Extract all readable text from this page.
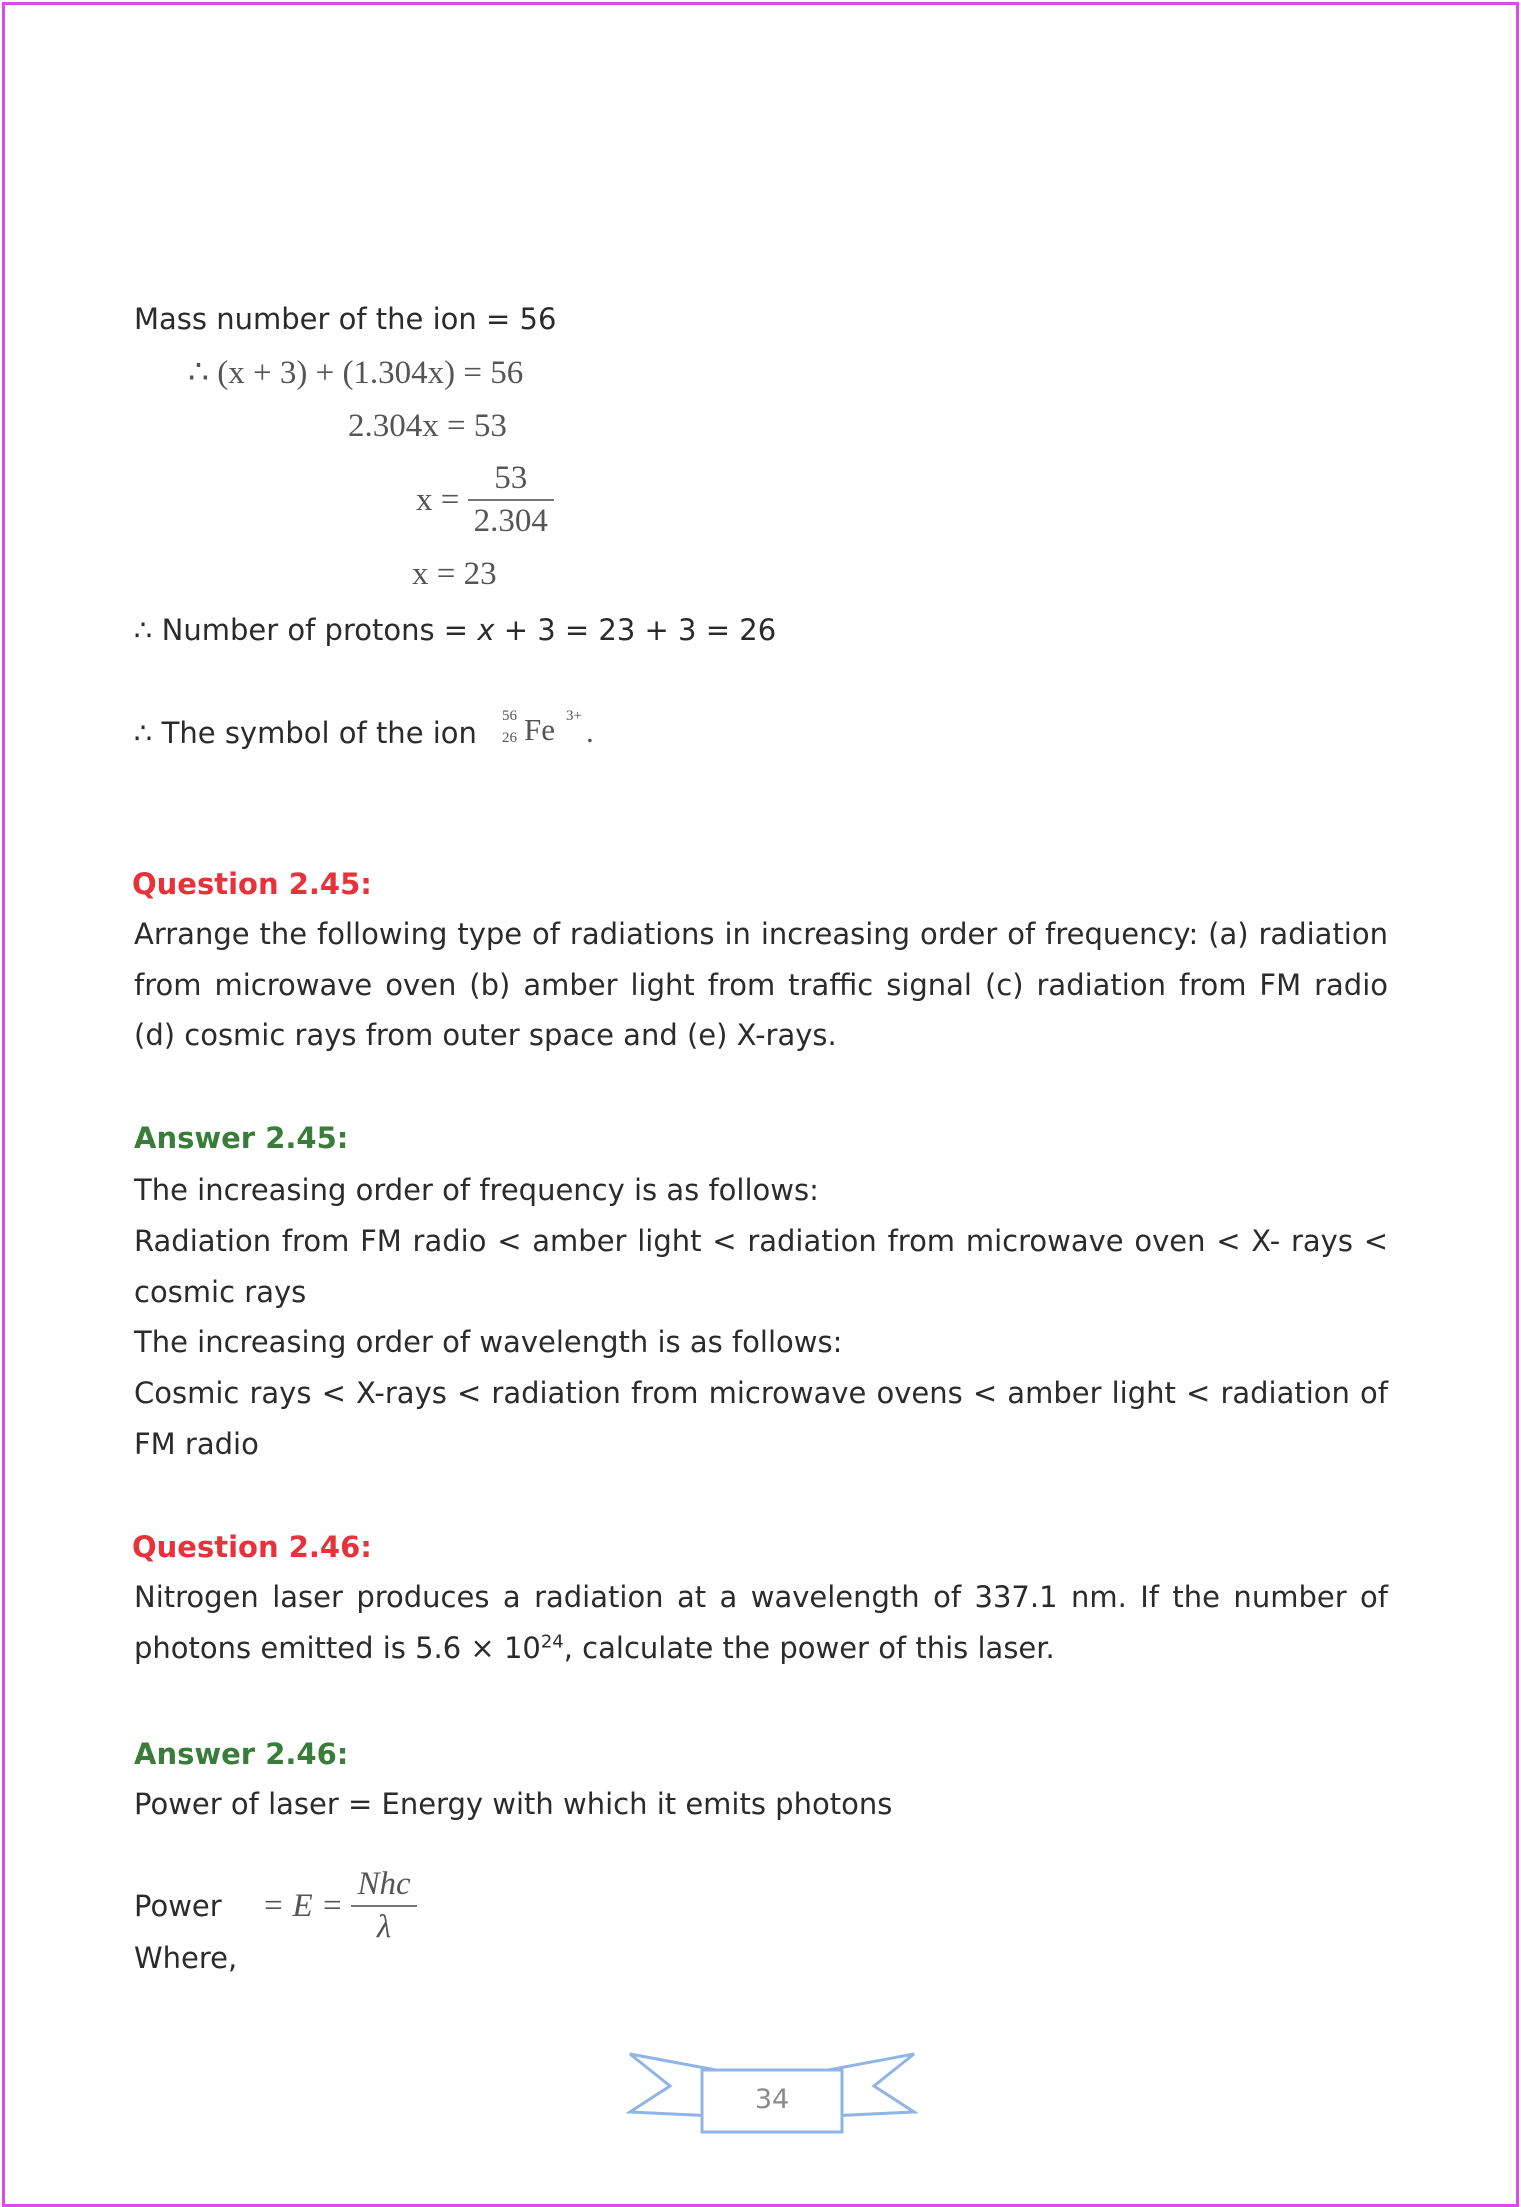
Mass number of the ion = 56
∴ (x + 3) + (1.304x) = 56
2.304x = 53
$x = \frac{53}{2.304}$
x = 23
∴ Number of protons = x + 3 = 23 + 3 = 26
∴ The symbol of the ion 56
26 Fe 3+ .
Question 2.45:
Arrange the following type of radiations in increasing order of frequency: (a) radiation from microwave oven (b) amber light from traffic signal (c) radiation from FM radio (d) cosmic rays from outer space and (e) X-rays.
Answer 2.45:
The increasing order of frequency is as follows:
Radiation from FM radio < amber light < radiation from microwave oven < X- rays < cosmic rays
The increasing order of wavelength is as follows:
Cosmic rays < X-rays < radiation from microwave ovens < amber light < radiation of FM radio
Question 2.46:
Nitrogen laser produces a radiation at a wavelength of 337.1 nm. If the number of photons emitted is $5.6 \times 10^{24}$, calculate the power of this laser.
Answer 2.46:
Power of laser = Energy with which it emits photons
Power = $E = \frac{\text{Nhc}}{\lambda}$
Where,
34
